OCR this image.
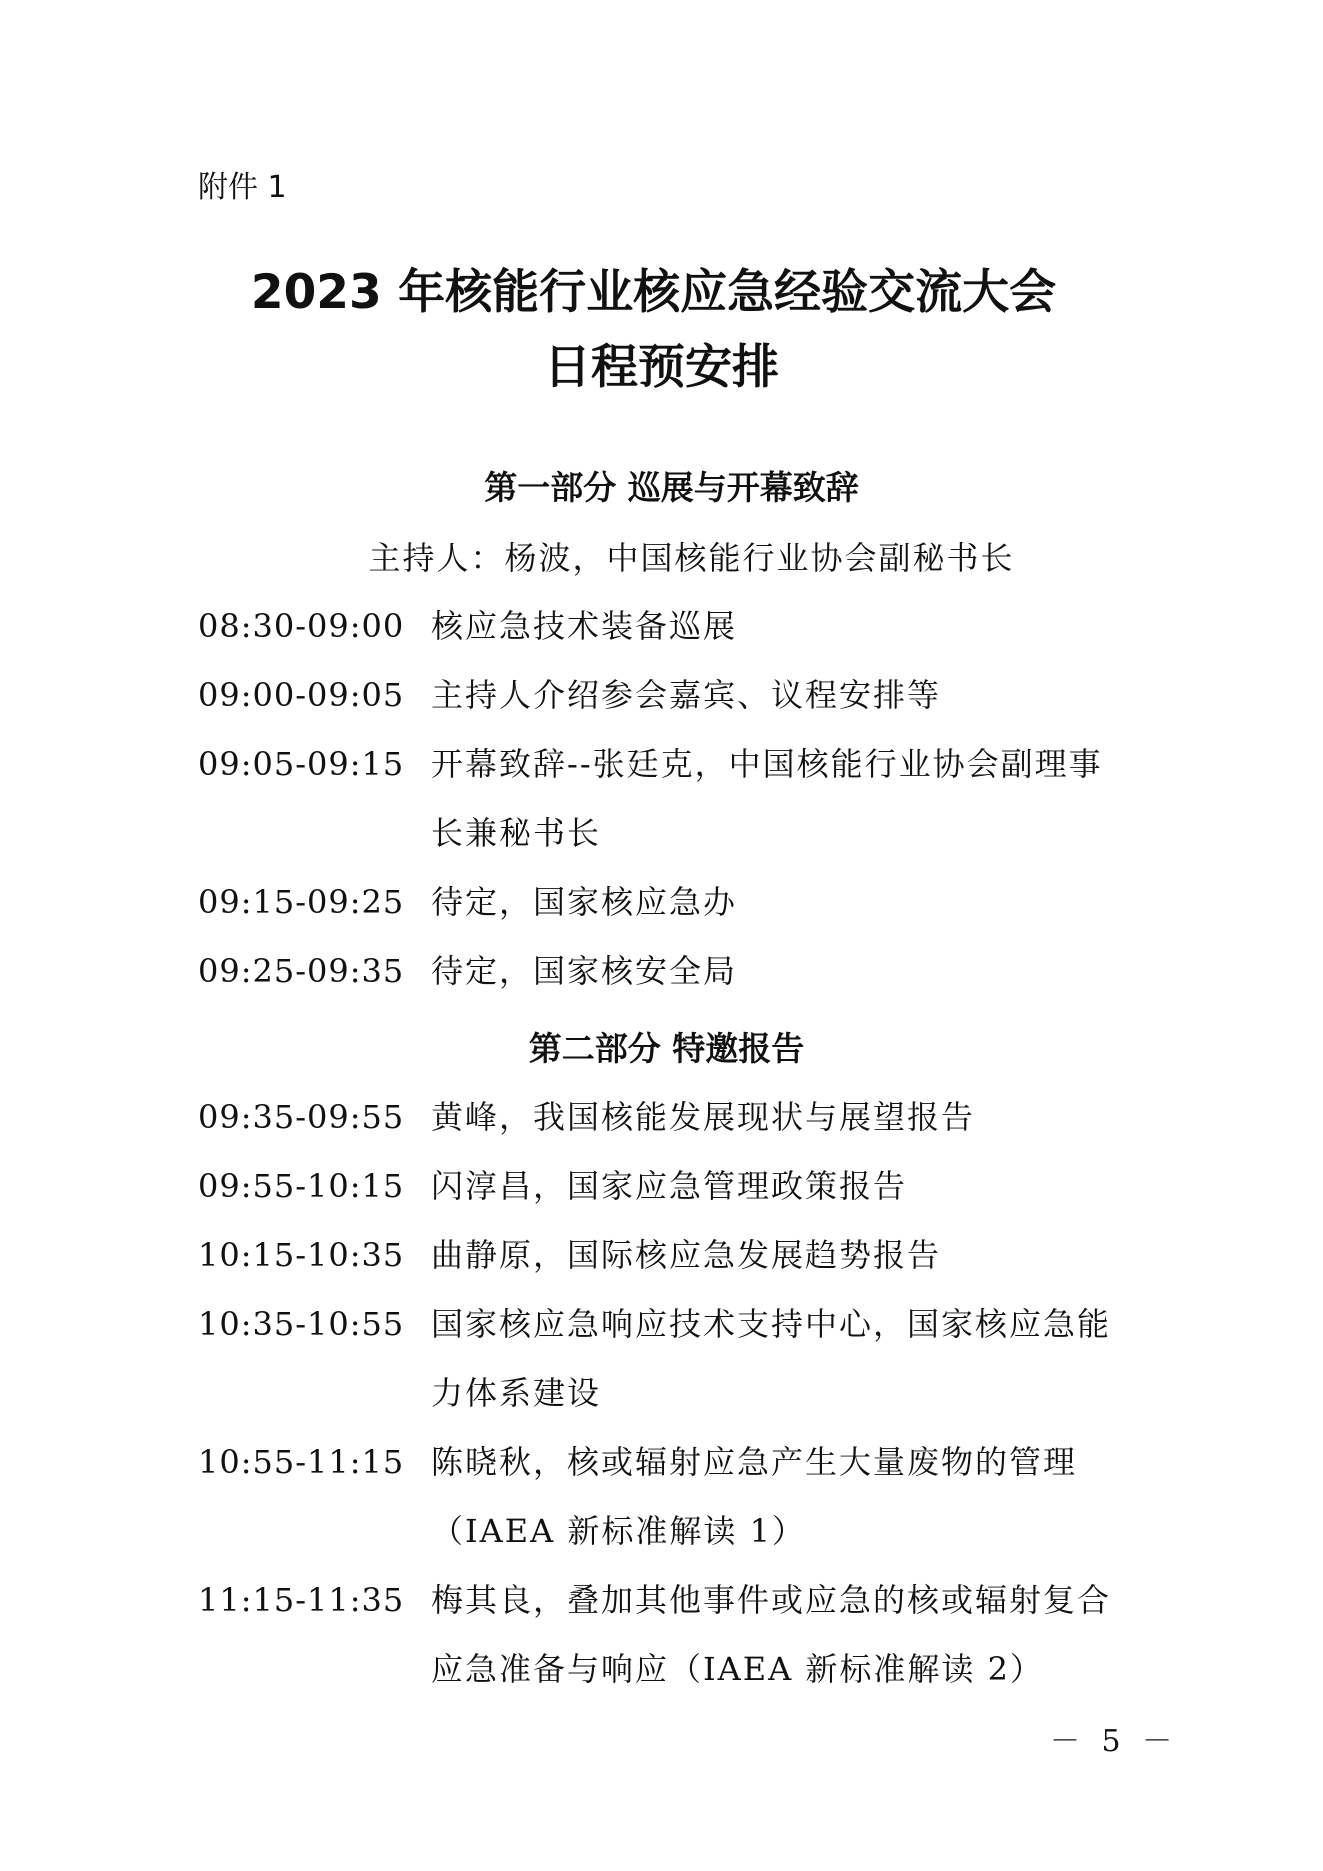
附件 1
2023 年核能行业核应急经验交流大会
日程预安排
第一部分 巡展与开幕致辞
主持人：杨波，中国核能行业协会副秘书长
08:30-09:00 核应急技术装备巡展
09:00-09:05 主持人介绍参会嘉宾、议程安排等
09:05-09:15 开幕致辞--张廷克，中国核能行业协会副理事
长兼秘书长
09:15-09:25 待定，国家核应急办
09:25-09:35 待定，国家核安全局
第二部分 特邀报告
09:35-09:55 黄峰，我国核能发展现状与展望报告
09:55-10:15 闪淳昌，国家应急管理政策报告
10:15-10:35 曲静原，国际核应急发展趋势报告
10:35-10:55 国家核应急响应技术支持中心，国家核应急能
力体系建设
10:55-11:15 陈晓秋，核或辐射应急产生大量废物的管理
（IAEA 新标准解读 1）
11:15-11:35 梅其良，叠加其他事件或应急的核或辐射复合
应急准备与响应（IAEA 新标准解读 2）
－ 5 －
